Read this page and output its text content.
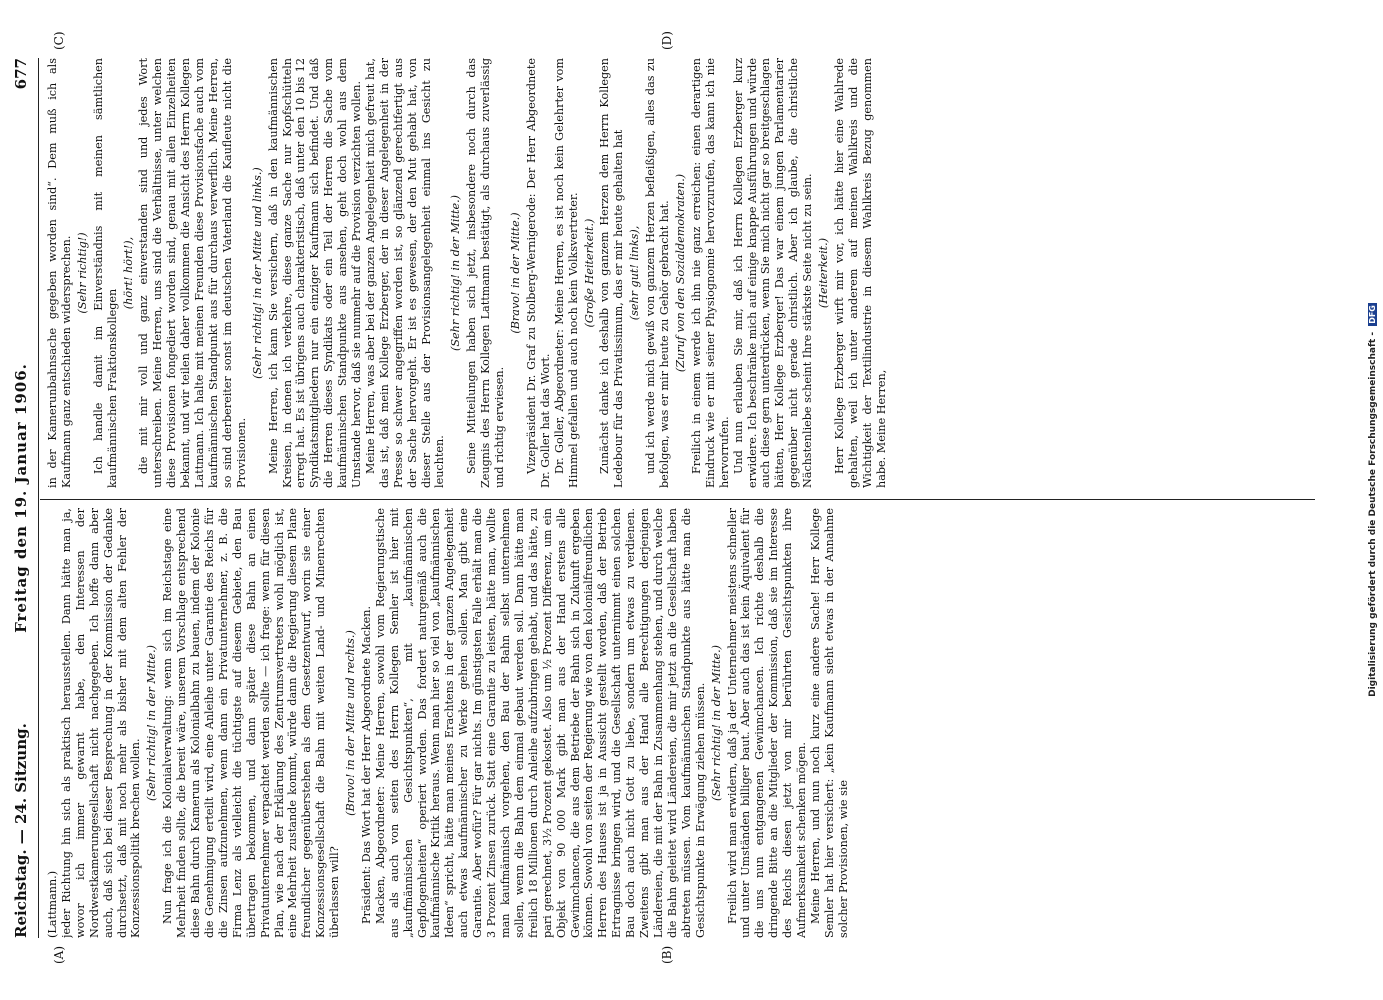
Reichstag. — 24. Sitzung.
Freitag den 19. Januar 1906.
677
(A)	(B)
(C)	(D)

(Lattmann.) jeder Richtung hin sich als praktisch herausstellen. Dann hätte man ja, wovor ich immer gewarnt habe, den Interessen der Nordwestkamerungesellschaft nicht nachgegeben. Ich hoffe dann aber auch, daß sich bei dieser Besprechung in der Kommission der Gedanke durchsetzt, daß mit noch mehr als bisher mit dem alten Fehler der Konzessionspolitik brechen wollen.

(Sehr richtig! in der Mitte.) Nun frage ich die Kolonialverwaltung: wenn sich im Reichstage eine Mehrheit finden sollte, die bereit wäre, unserem Vorschlage entsprechend diese Bahn durch Kamerun als Kolonialbahn zu bauen, indem der Kolonie die Genehmigung erteilt wird, eine Anleihe unter Garantie des Reichs für die Zinsen aufzunehmen, wenn dann ein Privatunternehmer, z. B. die Firma Lenz als vielleicht die tüchtigste auf diesem Gebiete, den Bau übertragen bekommen, und dann später diese Bahn an einen Privatunternehmer verpachtet werden sollte — ich frage: wenn für diesen Plan, wie nach der Erklärung des Zentrumsvertreters wohl möglich ist, eine Mehrheit zustande kommt, würde dann die Regierung diesem Plane freundlicher gegenüberstehen als dem Gesetzentwurf, worin sie einer Konzessionsgesellschaft die Bahn mit weiten Land- und Minenrechten überlassen will?

(Bravo! in der Mitte und rechts.) Präsident: Das Wort hat der Herr Abgeordnete Macken. Macken, Abgeordneter: Meine Herren, sowohl vom Regierungstische aus als auch von seiten des Herrn Kollegen Semler ist hier mit „kaufmännischen Gesichtspunkten“, mit „kaufmännischen Gepflogenheiten“ operiert worden. Das fordert naturgemäß auch die kaufmännische Kritik heraus. Wenn man hier so viel von „kaufmännischen Ideen“ spricht, hätte man meines Erachtens in der ganzen Angelegenheit auch etwas kaufmännischer zu Werke gehen sollen. Man gibt eine Garantie. Aber wofür? Für gar nichts. Im günstigsten Falle erhält man die 3 Prozent Zinsen zurück. Statt eine Garantie zu leisten, hätte man, wollte man kaufmännisch vorgehen, den Bau der Bahn selbst unternehmen sollen, wenn die Bahn dem einmal gebaut werden soll. Dann hätte man freilich 18 Millionen durch Anleihe aufzubringen gehabt, und das hätte, zu pari gerechnet, 3½ Prozent gekostet. Also um ½ Prozent Differenz, um ein Objekt von 90 000 Mark gibt man aus der Hand erstens alle Gewinnchancen, die aus dem Betriebe der Bahn sich in Zukunft ergeben können. Sowohl von seiten der Regierung wie von den kolonialfreundlichen Herren des Hauses ist ja in Aussicht gestellt worden, daß der Betrieb Ertragnisse bringen wird, und die Gesellschaft unternimmt einen solchen Bau doch auch nicht Gott zu liebe, sondern um etwas zu verdienen. Zweitens gibt man aus der Hand alle Berechtigungen derjenigen Ländereien, die mit der Bahn in Zusammenhang stehen, und durch welche die Bahn geleitet wird Ländereien, die mir jetzt an die Gesellschaft haben abtreten müssen. Vom kaufmännischen Standpunkte aus hätte man die Gesichtspunkte in Erwägung ziehen müssen. (Sehr richtig! in der Mitte.) Freilich wird man erwidern, daß ja der Unternehmer meistens schneller und unter Umständen billiger baut. Aber auch das ist kein Äquivalent für die uns nun entgangenen Gewinnchancen. Ich richte deshalb die dringende Bitte an die Mitglieder der Kommission, daß sie im Interesse des Reichs diesen jetzt von mir berührten Gesichtspunkten ihre Aufmerksamkeit schenken mögen. Meine Herren, und nun noch kurz eine andere Sache! Herr Kollege Semler hat hier versichert: „kein Kaufmann sieht etwas in der Annahme solcher Provisionen, wie sie

in der Kamerunbahnsache gegeben worden sind“. Dem muß ich als Kaufmann ganz entschieden widersprechen. (Sehr richtig!) Ich handle damit im Einverständnis mit meinen sämtlichen kaufmännischen Fraktionskollegen

(hört! hört!), die mit mir voll und ganz einverstanden sind und jedes Wort unterschreiben. Meine Herren, uns sind die Verhältnisse, unter welchen diese Provisionen fongediert worden sind, genau mit allen Einzelheiten bekannt, und wir teilen daher vollkommen die Ansicht des Herrn Kollegen Lattmann. Ich halte mit meinen Freunden diese Provisionsfache auch vom kaufmännischen Standpunkt aus für durchaus verwerflich. Meine Herren, so sind derbereiter sonst im deutschen Vaterland die Kaufleute nicht die Provisionen.

(Sehr richtig! in der Mitte und links.) Meine Herren, ich kann Sie versichern, daß in den kaufmännischen Kreisen, in denen ich verkehre, diese ganze Sache nur Kopfschütteln erregt hat. Es ist übrigens auch charakteristisch, daß unter den 10 bis 12 Syndikatsmitgliedern nur ein einziger Kaufmann sich befindet. Und daß die Herren dieses Syndikats oder ein Teil der Herren die Sache vom kaufmännischen Standpunkte aus ansehen, geht doch wohl aus dem Umstande hervor, daß sie nunmehr auf die Provision verzichten wollen. Meine Herren, was aber bei der ganzen Angelegenheit mich gefreut hat, das ist, daß mein Kollege Erzberger, der in dieser Angelegenheit in der Presse so schwer angegriffen worden ist, so glänzend gerechtfertigt aus der Sache hervorgeht. Er ist es gewesen, der den Mut gehabt hat, von dieser Stelle aus der Provisionsangelegenheit einmal ins Gesicht zu leuchten.

(Sehr richtig! in der Mitte.) Seine Mitteilungen haben sich jetzt, insbesondere noch durch das Zeugnis des Herrn Kollegen Lattmann bestätigt, als durchaus zuverlässig und richtig erwiesen.

(Bravo! in der Mitte.) Vizepräsident Dr. Graf zu Stolberg-Wernigerode: Der Herr Abgeordnete Dr. Goller hat das Wort. Dr. Goller, Abgeordneter: Meine Herren, es ist noch kein Gelehrter vom Himmel gefallen und auch noch kein Volksvertreter. (Große Heiterkeit.) Zunächst danke ich deshalb von ganzem Herzen dem Herrn Kollegen Ledebour für das Privatissimum, das er mir heute gehalten hat (sehr gut! links), und ich werde mich gewiß von ganzem Herzen befleißigen, alles das zu befolgen, was er mir heute zu Gehör gebracht hat. (Zuruf von den Sozialdemokraten.) Freilich in einem werde ich ihn nie ganz erreichen: einen derartigen Eindruck wie er mit seiner Physiognomie hervorzurufen, das kann ich nie hervorrufen. Und nun erlauben Sie mir, daß ich Herrn Kollegen Erzberger kurz erwidere. Ich beschränke mich auf einige knappe Ausführungen und würde auch diese gern unterdrücken, wenn Sie mich nicht gar so breitgeschlagen hätten, Herr Kollege Erzberger! Das war einem jungen Parlamentarier gegenüber nicht gerade christlich. Aber ich glaube, die christliche Nächstenliebe scheint Ihre stärkste Seite nicht zu sein. (Heiterkeit.) Herr Kollege Erzberger wirft mir vor, ich hätte hier eine Wahlrede gehalten, weil ich unter anderem auf meinen Wahlkreis und die Wichtigkeit der Textilindustrie in diesem Wahlkreis Bezug genommen habe. Meine Herren,	Digitalisierung gefördert durch die Deutsche Forschungsgemeinschaft - DFG
